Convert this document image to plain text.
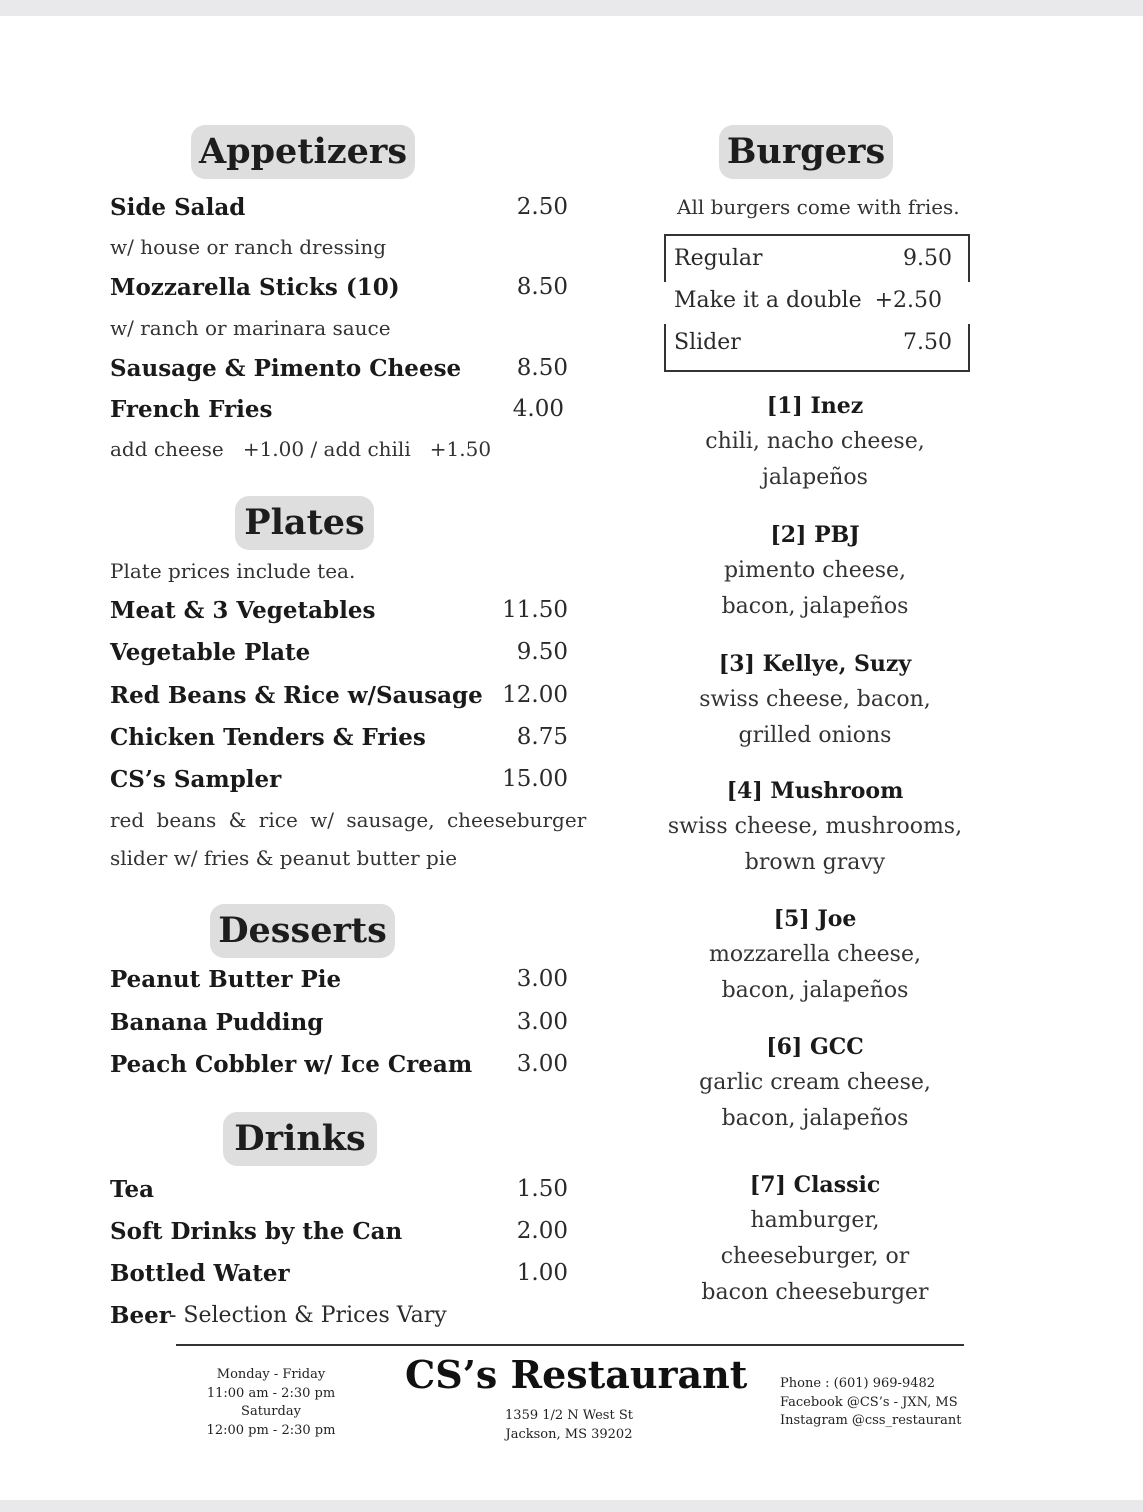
Appetizers
Side Salad	2.50
w/ house or ranch dressing
Mozzarella Sticks (10)	8.50
w/ ranch or marinara sauce
Sausage & Pimento Cheese 8.50
French Fries	4.00
add cheese   +1.00 / add chili   +1.50
Plates
Plate prices include tea.
Meat & 3 Vegetables	11.50
Vegetable Plate	9.50
Red Beans & Rice w/Sausage 12.00
Chicken Tenders & Fries	8.75
CS’s Sampler	15.00
red beans & rice w/ sausage, cheeseburger
slider w/ fries & peanut butter pie
Desserts
Peanut Butter Pie	3.00
Banana Pudding	3.00
Peach Cobbler w/ Ice Cream 3.00
Drinks
Tea	1.50
Soft Drinks by the Can	2.00
Bottled Water	1.00
Beer
- Selection & Prices Vary
Burgers
All burgers come with fries.
Regular	9.50
Make it a double +2.50
Slider	7.50
[1] Inez
chili, nacho cheese,
jalapeños
[2] PBJ
pimento cheese,
bacon, jalapeños
[3] Kellye, Suzy
swiss cheese, bacon,
grilled onions
[4] Mushroom
swiss cheese, mushrooms,
brown gravy
[5] Joe
mozzarella cheese,
bacon, jalapeños
[6] GCC
garlic cream cheese,
bacon, jalapeños
[7] Classic
hamburger,
cheeseburger, or
bacon cheeseburger
Monday - Friday
11:00 am - 2:30 pm
Saturday
12:00 pm - 2:30 pm
CS’s Restaurant
1359 1/2 N West St
Jackson, MS 39202
Phone : (601) 969-9482
Facebook @CS’s - JXN, MS
Instagram @css_restaurant
